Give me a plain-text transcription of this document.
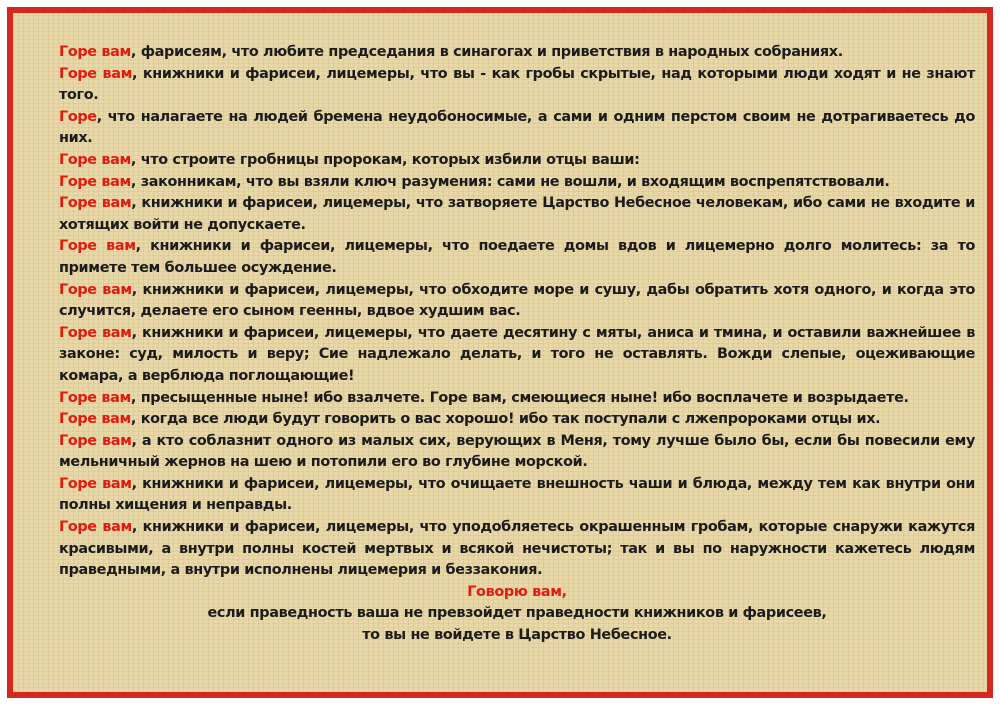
Горе вам, фарисеям, что любите председания в синагогах и приветствия в народных собраниях.

Горе вам, книжники и фарисеи, лицемеры, что вы - как гробы скрытые, над которыми люди ходят и не знают того.

Горе, что налагаете на людей бремена неудобоносимые, а сами и одним перстом своим не дотрагиваетесь до них.

Горе вам, что строите гробницы пророкам, которых избили отцы ваши:

Горе вам, законникам, что вы взяли ключ разумения: сами не вошли, и входящим воспрепятствовали.

Горе вам, книжники и фарисеи, лицемеры, что затворяете Царство Небесное человекам, ибо сами не входите и хотящих войти не допускаете.

Горе вам, книжники и фарисеи, лицемеры, что поедаете домы вдов и лицемерно долго молитесь: за то примете тем большее осуждение.

Горе вам, книжники и фарисеи, лицемеры, что обходите море и сушу, дабы обратить хотя одного, и когда это случится, делаете его сыном геенны, вдвое худшим вас.

Горе вам, книжники и фарисеи, лицемеры, что даете десятину с мяты, аниса и тмина, и оставили важнейшее в законе: суд, милость и веру; Сие надлежало делать, и того не оставлять. Вожди слепые, оцеживающие комара, а верблюда поглощающие!

Горе вам, пресыщенные ныне! ибо взалчете. Горе вам, смеющиеся ныне! ибо восплачете и возрыдаете.

Горе вам, когда все люди будут говорить о вас хорошо! ибо так поступали с лжепророками отцы их.

Горе вам, а кто соблазнит одного из малых сих, верующих в Меня, тому лучше было бы, если бы повесили ему мельничный жернов на шею и потопили его во глубине морской.

Горе вам, книжники и фарисеи, лицемеры, что очищаете внешность чаши и блюда, между тем как внутри они полны хищения и неправды.

Горе вам, книжники и фарисеи, лицемеры, что уподобляетесь окрашенным гробам, которые снаружи кажутся красивыми, а внутри полны костей мертвых и всякой нечистоты; так и вы по наружности кажетесь людям праведными, а внутри исполнены лицемерия и беззакония.

Говорю вам,

если праведность ваша не превзойдет праведности книжников и фарисеев,

то вы не войдете в Царство Небесное.
